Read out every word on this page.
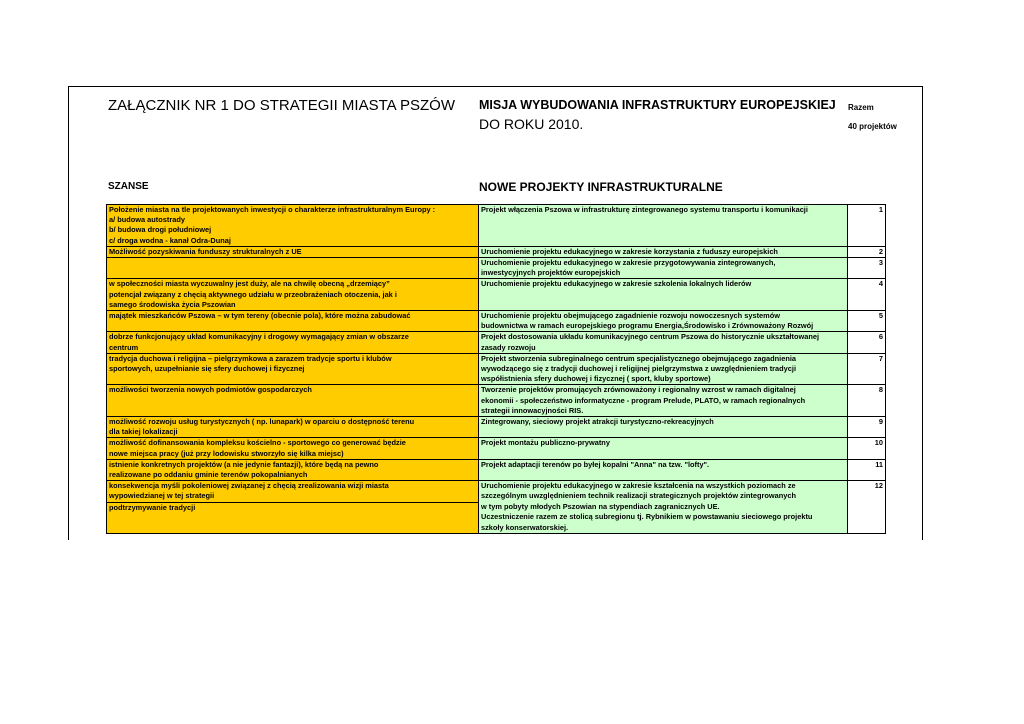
ZAŁĄCZNIK NR 1 DO STRATEGII MIASTA PSZÓW MISJA WYBUDOWANIA INFRASTRUKTURY EUROPEJSKIEJ
DO ROKU 2010.
Razem
40 projektów
SZANSE	NOWE PROJEKTY INFRASTRUKTURALNE
Położenie miasta na tle projektowanych inwestycji o charakterze infrastrukturalnym Europy :
a/ budowa autostrady
b/ budowa drogi południowej
c/ droga wodna - kanał Odra-Dunaj	Projekt włączenia Pszowa w infrastrukturę zintegrowanego systemu transportu i komunikacji	1
Możliwość pozyskiwania funduszy strukturalnych z UE	Uruchomienie projektu edukacyjnego w zakresie korzystania z fuduszy europejskich	2
	Uruchomienie projektu edukacyjnego w zakresie przygotowywania zintegrowanych,
inwestycyjnych projektów europejskich	3
w społeczności miasta wyczuwalny jest duży, ale na chwilę obecną „drzemiący”
potencjał związany z chęcią aktywnego udziału w przeobrażeniach otoczenia, jak i
samego środowiska życia Pszowian	Uruchomienie projektu edukacyjnego w zakresie szkolenia lokalnych liderów	4
majątek mieszkańców Pszowa – w tym tereny (obecnie pola), które można zabudować	Uruchomienie projektu obejmującego zagadnienie rozwoju nowoczesnych systemów
budownictwa w ramach europejskiego programu Energia,Środowisko i Zrównoważony Rozwój	5
dobrze funkcjonujący układ komunikacyjny i drogowy wymagający zmian w obszarze
centrum	Projekt dostosowania układu komunikacyjnego centrum Pszowa do historycznie ukształtowanej
zasady rozwoju	6
tradycja duchowa i religijna – pielgrzymkowa a zarazem tradycje sportu i klubów
sportowych, uzupełnianie się sfery duchowej i fizycznej	Projekt stworzenia subreginalnego centrum specjalistycznego obejmującego zagadnienia
wywodzącego się z tradycji duchowej i religijnej pielgrzymstwa z uwzględnieniem tradycji
współistnienia sfery duchowej i fizycznej ( sport, kluby sportowe)	7
możliwości tworzenia nowych podmiotów gospodarczych	Tworzenie projektów promujących zrównoważony i regionalny wzrost w ramach digitalnej
ekonomii - społeczeństwo informatyczne - program Prelude, PLATO, w ramach regionalnych
strategii innowacyjności RIS.	8
możliwość rozwoju usług turystycznych ( np. lunapark) w oparciu o dostępność terenu
dla takiej lokalizacji	Zintegrowany, sieciowy projekt atrakcji turystyczno-rekreacyjnych	9
możliwość dofinansowania kompleksu kościelno - sportowego co generować będzie
nowe miejsca pracy (już przy lodowisku stworzyło się kilka miejsc)	Projekt montażu publiczno-prywatny	10
istnienie konkretnych projektów (a nie jedynie fantazji), które będą na pewno
realizowane po oddaniu gminie terenów pokopalnianych	Projekt adaptacji terenów po byłej kopalni "Anna" na tzw. "lofty".	11
konsekwencja myśli pokoleniowej związanej z chęcią zrealizowania wizji miasta
wypowiedzianej w tej strategii	Uruchomienie projektu edukacyjnego w zakresie kształcenia na wszystkich poziomach ze
szczególnym uwzględnieniem technik realizacji strategicznych projektów zintegrowanych	12
podtrzymywanie tradycji	w tym pobyty młodych Pszowian na stypendiach zagranicznych UE.
Uczestniczenie razem ze stolicą subregionu tj. Rybnikiem w powstawaniu sieciowego projektu
szkoły konserwatorskiej.	
